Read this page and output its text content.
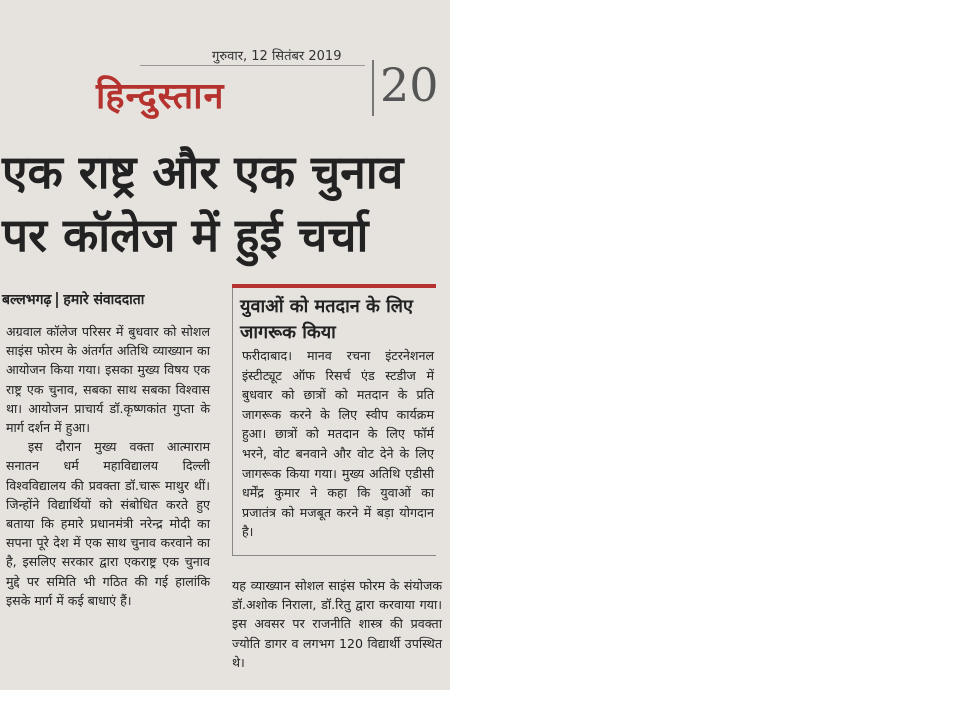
गुरुवार, 12 सितंबर 2019
हिन्दुस्तान	20
एक राष्ट्र और एक चुनाव
पर कॉलेज में हुई चर्चा
बल्लभगढ़ हमारे संवाददाता

अग्रवाल कॉलेज परिसर में बुधवार को सोशल साइंस फोरम के अंतर्गत अतिथि व्याख्यान का आयोजन किया गया। इसका मुख्य विषय एक राष्ट्र एक चुनाव, सबका साथ सबका विश्वास था। आयोजन प्राचार्य डॉ.कृष्णकांत गुप्ता के मार्ग दर्शन में हुआ।

इस दौरान मुख्य वक्ता आत्माराम सनातन धर्म महाविद्यालय दिल्ली विश्वविद्यालय की प्रवक्ता डॉ.चारू माथुर थीं। जिन्होंने विद्यार्थियों को संबोधित करते हुए बताया कि हमारे प्रधानमंत्री नरेन्द्र मोदी का सपना पूरे देश में एक साथ चुनाव करवाने का है, इसलिए सरकार द्वारा एकराष्ट्र एक चुनाव मुद्दे पर समिति भी गठित की गई हालांकि इसके मार्ग में कई बाधाएं हैं।

युवाओं को मतदान के लिए जागरूक किया
फरीदाबाद। मानव रचना इंटरनेशनल इंस्टीट्यूट ऑफ रिसर्च एंड स्टडीज में बुधवार को छात्रों को मतदान के प्रति जागरूक करने के लिए स्वीप कार्यक्रम हुआ। छात्रों को मतदान के लिए फॉर्म भरने, वोट बनवाने और वोट देने के लिए जागरूक किया गया। मुख्य अतिथि एडीसी धर्मेंद्र कुमार ने कहा कि युवाओं का प्रजातंत्र को मजबूत करने में बड़ा योगदान है।

यह व्याख्यान सोशल साइंस फोरम के संयोजक डॉ.अशोक निराला, डॉ.रितु द्वारा करवाया गया। इस अवसर पर राजनीति शास्त्र की प्रवक्ता ज्योति डागर व लगभग 120 विद्यार्थी उपस्थित थे।
